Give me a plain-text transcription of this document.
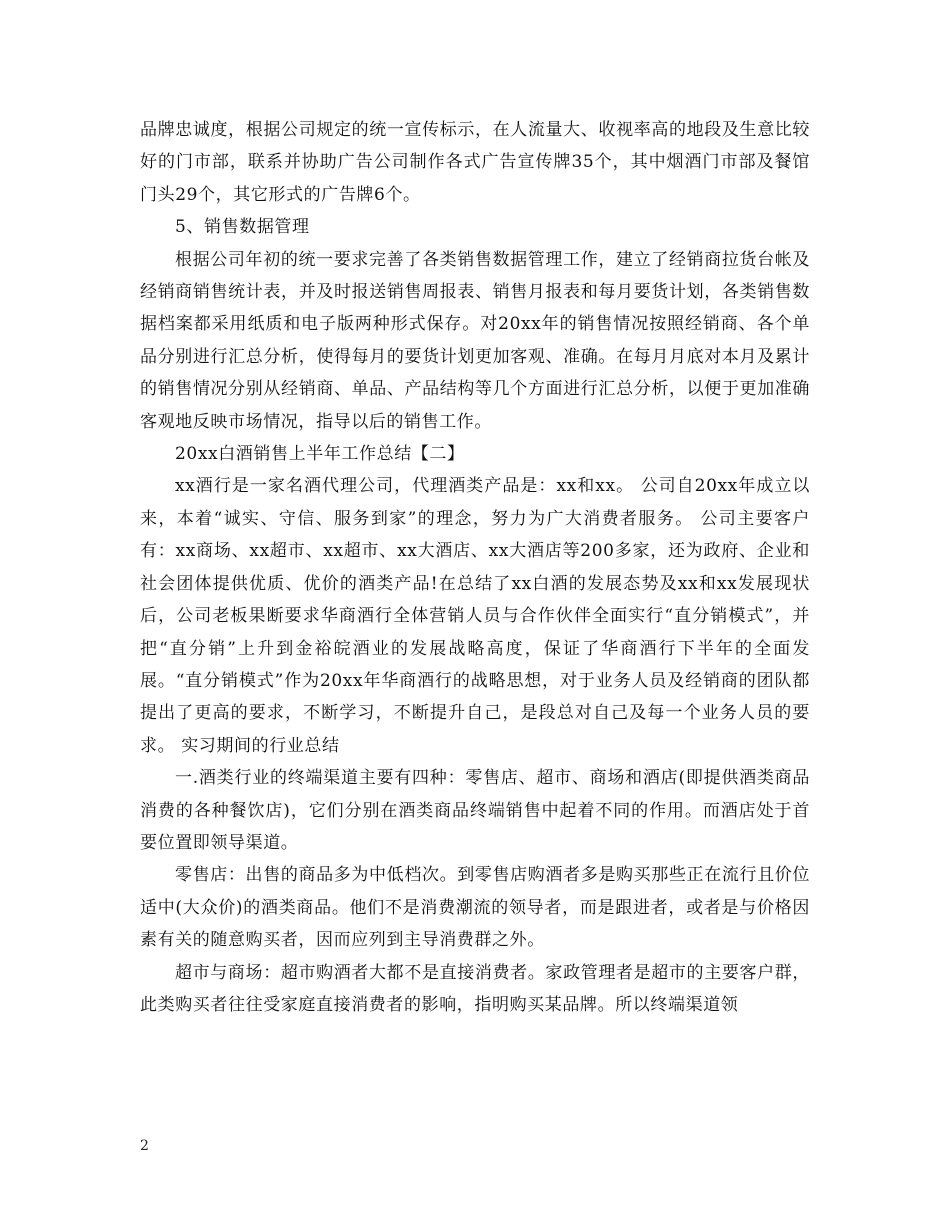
品牌忠诚度，根据公司规定的统一宣传标示，在人流量大、收视率高的地段及生意比较好的门市部，联系并协助广告公司制作各式广告宣传牌35个，其中烟酒门市部及餐馆门头29个，其它形式的广告牌6个。

5、销售数据管理

根据公司年初的统一要求完善了各类销售数据管理工作，建立了经销商拉货台帐及经销商销售统计表，并及时报送销售周报表、销售月报表和每月要货计划，各类销售数据档案都采用纸质和电子版两种形式保存。对20xx年的销售情况按照经销商、各个单品分别进行汇总分析，使得每月的要货计划更加客观、准确。在每月月底对本月及累计的销售情况分别从经销商、单品、产品结构等几个方面进行汇总分析，以便于更加准确客观地反映市场情况，指导以后的销售工作。

20xx白酒销售上半年工作总结【二】

xx酒行是一家名酒代理公司，代理酒类产品是：xx和xx。 公司自20xx年成立以来，本着“诚实、守信、服务到家”的理念，努力为广大消费者服务。 公司主要客户有：xx商场、xx超市、xx超市、xx大酒店、xx大酒店等200多家，还为政府、企业和社会团体提供优质、优价的酒类产品!在总结了xx白酒的发展态势及xx和xx发展现状后，公司老板果断要求华商酒行全体营销人员与合作伙伴全面实行“直分销模式”，并把“直分销”上升到金裕皖酒业的发展战略高度，保证了华商酒行下半年的全面发展。“直分销模式”作为20xx年华商酒行的战略思想，对于业务人员及经销商的团队都提出了更高的要求，不断学习，不断提升自己，是段总对自己及每一个业务人员的要求。 实习期间的行业总结

一.酒类行业的终端渠道主要有四种：零售店、超市、商场和酒店(即提供酒类商品消费的各种餐饮店)，它们分别在酒类商品终端销售中起着不同的作用。而酒店处于首要位置即领导渠道。

零售店：出售的商品多为中低档次。到零售店购酒者多是购买那些正在流行且价位适中(大众价)的酒类商品。他们不是消费潮流的领导者，而是跟进者，或者是与价格因素有关的随意购买者，因而应列到主导消费群之外。

超市与商场：超市购酒者大都不是直接消费者。家政管理者是超市的主要客户群，此类购买者往往受家庭直接消费者的影响，指明购买某品牌。所以终端渠道领

2
